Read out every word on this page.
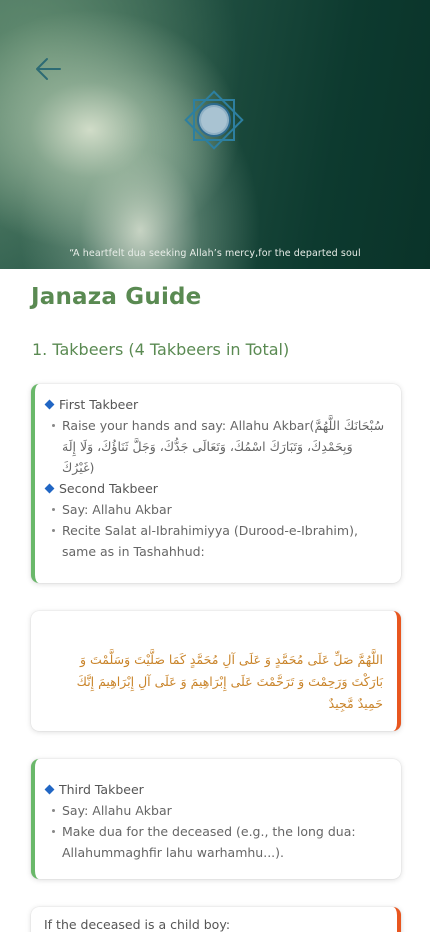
“A heartfelt dua seeking Allah’s mercy,for the departed soul
Janaza Guide
1. Takbeers (4 Takbeers in Total)
First Takbeer
Raise your hands and say: Allahu Akbar(سُبْحَانَكَ اللَّهُمَّ وَبِحَمْدِكَ، وَتَبَارَكَ اسْمُكَ، وَتَعَالَى جَدُّكَ، وَجَلَّ ثَنَاؤُكَ، وَلَا إِلَهَ غَيْرُكَ)
Second Takbeer
Say: Allahu Akbar
Recite Salat al-Ibrahimiyya (Durood-e-Ibrahim), same as in Tashahhud:
اللَّهُمَّ صَلِّ عَلَى مُحَمَّدٍ وَ عَلَى آلِ مُحَمَّدٍ كَمَا صَلَّيْتَ وَسَلَّمْتَ وَ بَارَكْتَ وَرَحِمْتَ وَ تَرَحَّمْتَ عَلَى إِبْرَاهِيمَ وَ عَلَى آلِ إِبْرَاهِيمَ إِنَّكَ حَمِيدٌ مَّجِيدٌ
Third Takbeer
Say: Allahu Akbar
Make dua for the deceased (e.g., the long dua: Allahummaghfir lahu warhamhu...).
If the deceased is a child boy:
